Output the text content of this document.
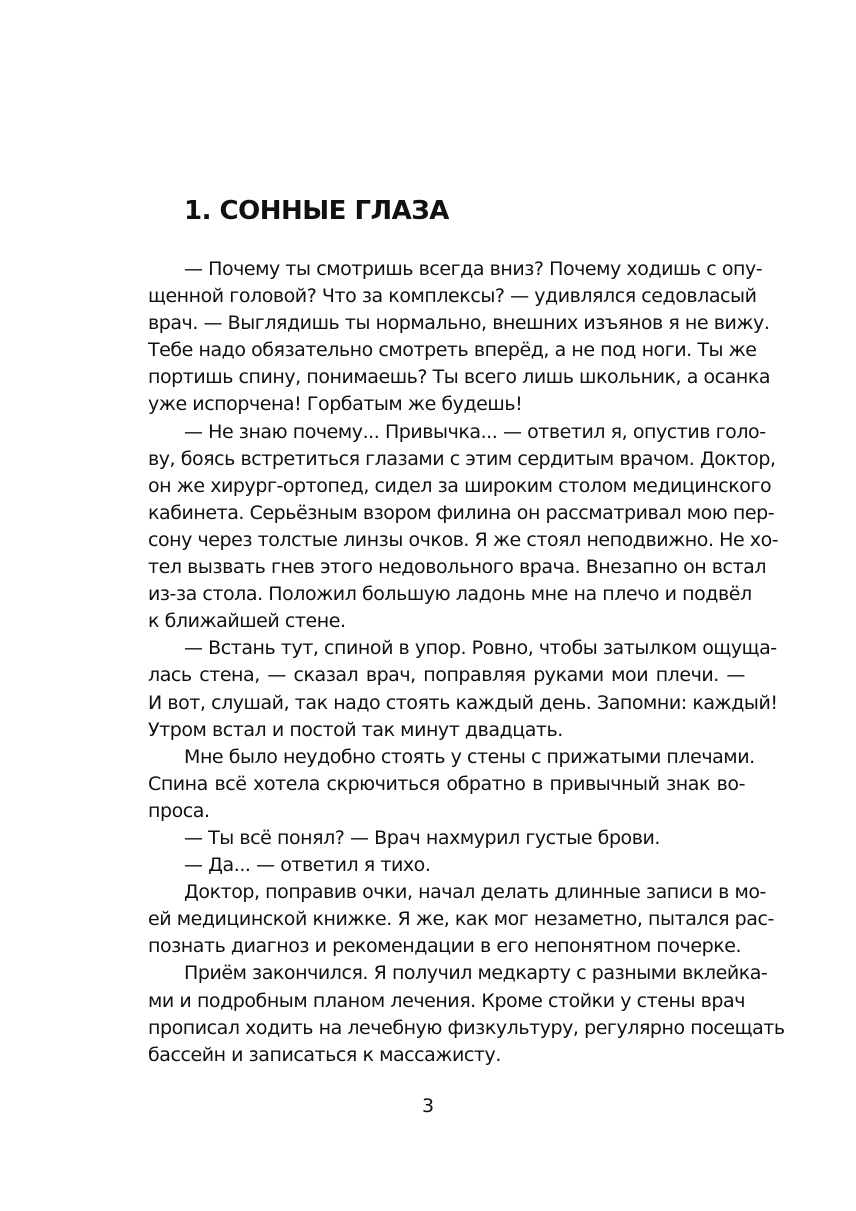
1. СОННЫЕ ГЛАЗА
— Почему ты смотришь всегда вниз? Почему ходишь с опу-
щенной головой? Что за комплексы? — удивлялся седовласый
врач. — Выглядишь ты нормально, внешних изъянов я не вижу.
Тебе надо обязательно смотреть вперёд, а не под ноги. Ты же
портишь спину, понимаешь? Ты всего лишь школьник, а осанка
уже испорчена! Горбатым же будешь!
— Не знаю почему... Привычка... — ответил я, опустив голо-
ву, боясь встретиться глазами с этим сердитым врачом. Доктор,
он же хирург-ортопед, сидел за широким столом медицинского
кабинета. Серьёзным взором филина он рассматривал мою пер-
сону через толстые линзы очков. Я же стоял неподвижно. Не хо-
тел вызвать гнев этого недовольного врача. Внезапно он встал
из-за стола. Положил большую ладонь мне на плечо и подвёл
к ближайшей стене.
— Встань тут, спиной в упор. Ровно, чтобы затылком ощуща-
лась стена, — сказал врач, поправляя руками мои плечи. —
И вот, слушай, так надо стоять каждый день. Запомни: каждый!
Утром встал и постой так минут двадцать.
Мне было неудобно стоять у стены с прижатыми плечами.
Спина всё хотела скрючиться обратно в привычный знак во-
проса.
— Ты всё понял? — Врач нахмурил густые брови.
— Да... — ответил я тихо.
Доктор, поправив очки, начал делать длинные записи в мо-
ей медицинской книжке. Я же, как мог незаметно, пытался рас-
познать диагноз и рекомендации в его непонятном почерке.
Приём закончился. Я получил медкарту с разными вклейка-
ми и подробным планом лечения. Кроме стойки у стены врач
прописал ходить на лечебную физкультуру, регулярно посещать
бассейн и записаться к массажисту.
3
